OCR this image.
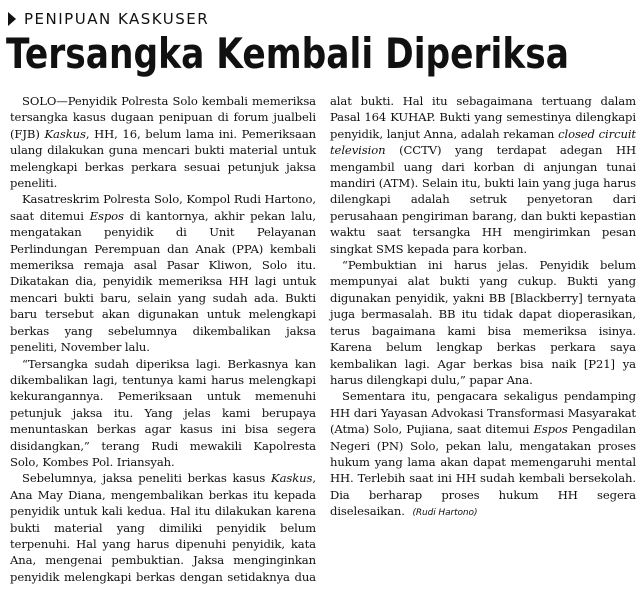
PENIPUAN KASKUSER
Tersangka Kembali Diperiksa

SOLO—Penyidik Polresta Solo kembali memeriksa tersangka kasus dugaan penipuan di forum jualbeli (FJB) Kaskus, HH, 16, belum lama ini. Pemeriksaan ulang dilakukan guna mencari bukti material untuk melengkapi berkas perkara sesuai petunjuk jaksa peneliti.

Kasatreskrim Polresta Solo, Kompol Rudi Hartono, saat ditemui Espos di kantornya, akhir pekan lalu, mengatakan penyidik di Unit Pelayanan Perlindungan Perempuan dan Anak (PPA) kembali memeriksa remaja asal Pasar Kliwon, Solo itu. Dikatakan dia, penyidik memeriksa HH lagi untuk mencari bukti baru, selain yang sudah ada. Bukti baru tersebut akan digunakan untuk melengkapi berkas yang sebelumnya dikembalikan jaksa peneliti, November lalu.

“Tersangka sudah diperiksa lagi. Berkasnya kan dikembalikan lagi, tentunya kami harus melengkapi kekurangannya. Pemeriksaan untuk memenuhi petunjuk jaksa itu. Yang jelas kami berupaya menuntaskan berkas agar kasus ini bisa segera disidangkan,” terang Rudi mewakili Kapolresta Solo, Kombes Pol. Iriansyah.

Sebelumnya, jaksa peneliti berkas kasus Kaskus, Ana May Diana, mengembalikan berkas itu kepada penyidik untuk kali kedua. Hal itu dilakukan karena bukti material yang dimiliki penyidik belum terpenuhi. Hal yang harus dipenuhi penyidik, kata Ana, mengenai pembuktian. Jaksa menginginkan penyidik melengkapi berkas dengan setidaknya dua alat bukti. Hal itu sebagaimana tertuang dalam Pasal 164 KUHAP. Bukti yang semestinya dilengkapi penyidik, lanjut Anna, adalah rekaman closed circuit television (CCTV) yang terdapat adegan HH mengambil uang dari korban di anjungan tunai mandiri (ATM). Selain itu, bukti lain yang juga harus dilengkapi adalah setruk penyetoran dari perusahaan pengiriman barang, dan bukti kepastian waktu saat tersangka HH mengirimkan pesan singkat SMS kepada para korban.

“Pembuktian ini harus jelas. Penyidik belum mempunyai alat bukti yang cukup. Bukti yang digunakan penyidik, yakni BB [Blackberry] ternyata juga bermasalah. BB itu tidak dapat dioperasikan, terus bagaimana kami bisa memeriksa isinya. Karena belum lengkap berkas perkara saya kembalikan lagi. Agar berkas bisa naik [P21] ya harus dilengkapi dulu,” papar Ana.

Sementara itu, pengacara sekaligus pendamping HH dari Yayasan Advokasi Transformasi Masyarakat (Atma) Solo, Pujiana, saat ditemui Espos Pengadilan Negeri (PN) Solo, pekan lalu, mengatakan proses hukum yang lama akan dapat memengaruhi mental HH. Terlebih saat ini HH sudah kembali bersekolah. Dia berharap proses hukum HH segera diselesaikan. (Rudi Hartono)
